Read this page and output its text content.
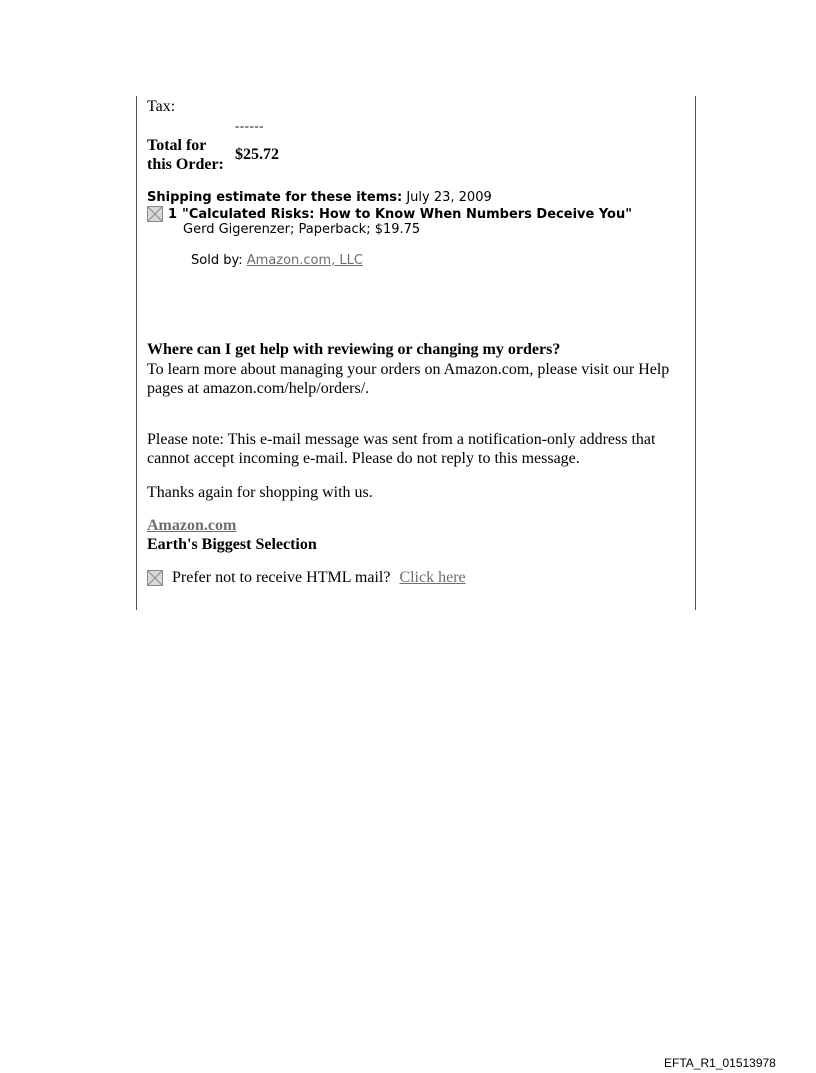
Tax:
------
Total for this Order:
$25.72
Shipping estimate for these items: July 23, 2009
1 "Calculated Risks: How to Know When Numbers Deceive You"
Gerd Gigerenzer; Paperback; $19.75
Sold by: Amazon.com, LLC
Where can I get help with reviewing or changing my orders?
To learn more about managing your orders on Amazon.com, please visit our Help pages at amazon.com/help/orders/.
Please note: This e-mail message was sent from a notification-only address that cannot accept incoming e-mail. Please do not reply to this message.
Thanks again for shopping with us.
Amazon.com
Earth's Biggest Selection
Prefer not to receive HTML mail? Click here
EFTA_R1_01513978
